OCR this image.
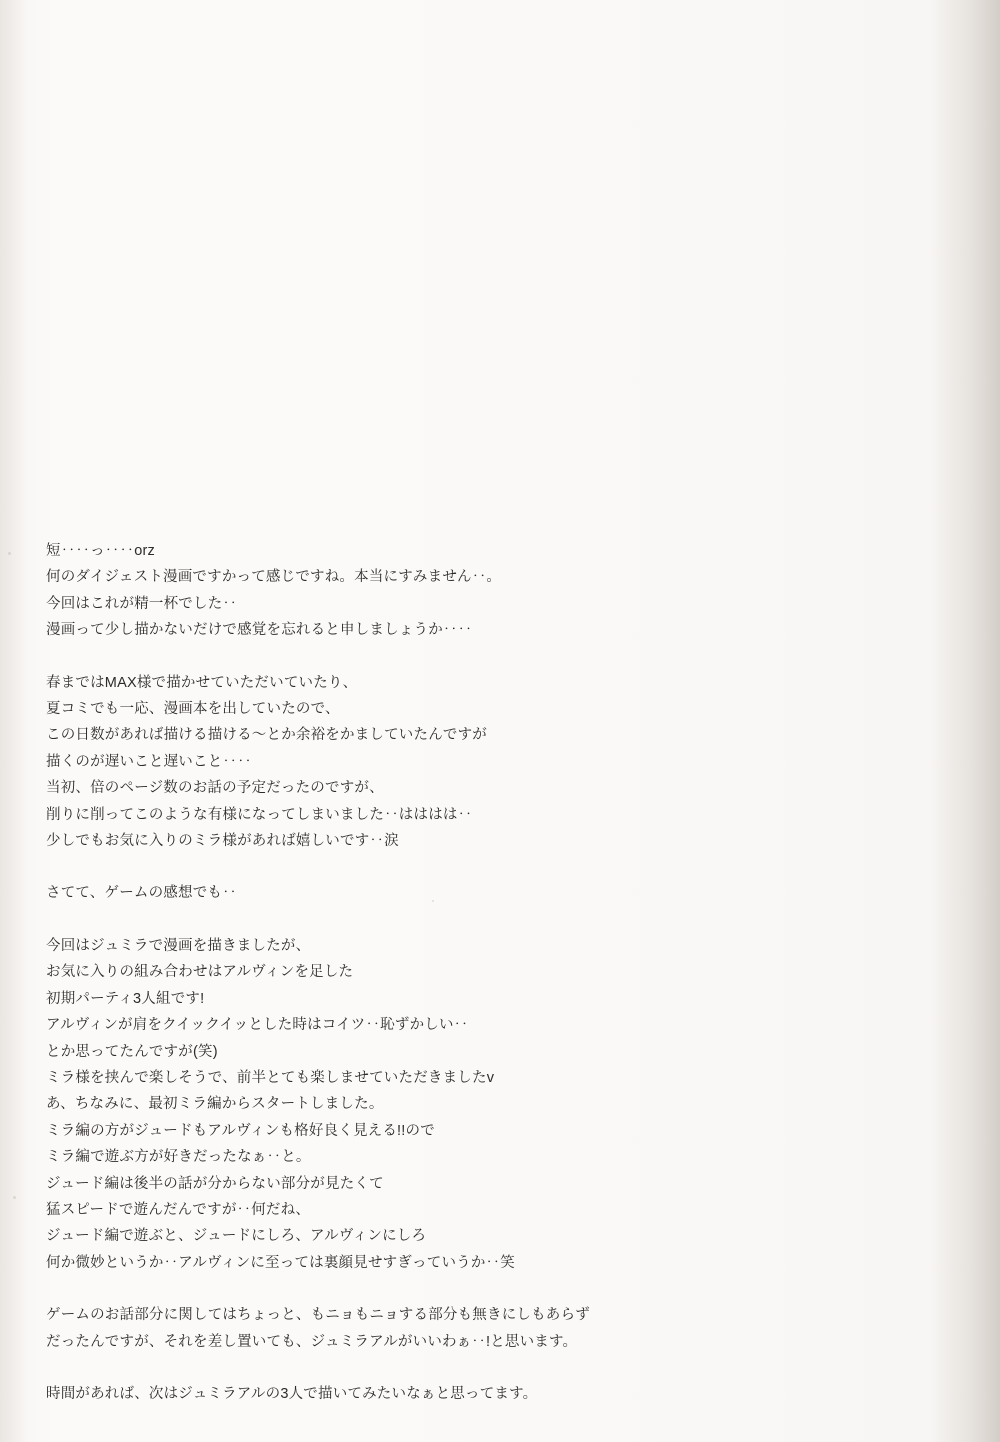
短‥‥っ‥‥orz
何のダイジェスト漫画ですかって感じですね。本当にすみません‥。
今回はこれが精一杯でした‥
漫画って少し描かないだけで感覚を忘れると申しましょうか‥‥
春まではMAX様で描かせていただいていたり、
夏コミでも一応、漫画本を出していたので、
この日数があれば描ける描ける〜とか余裕をかましていたんですが
描くのが遅いこと遅いこと‥‥
当初、倍のページ数のお話の予定だったのですが、
削りに削ってこのような有様になってしまいました‥はははは‥
少しでもお気に入りのミラ様があれば嬉しいです‥涙
さてて、ゲームの感想でも‥
今回はジュミラで漫画を描きましたが、
お気に入りの組み合わせはアルヴィンを足した
初期パーティ3人組です!
アルヴィンが肩をクイックイッとした時はコイツ‥恥ずかしい‥
とか思ってたんですが(笑)
ミラ様を挟んで楽しそうで、前半とても楽しませていただきましたv
あ、ちなみに、最初ミラ編からスタートしました。
ミラ編の方がジュードもアルヴィンも格好良く見える!!ので
ミラ編で遊ぶ方が好きだったなぁ‥と。
ジュード編は後半の話が分からない部分が見たくて
猛スピードで遊んだんですが‥何だね、
ジュード編で遊ぶと、ジュードにしろ、アルヴィンにしろ
何か微妙というか‥アルヴィンに至っては裏顔見せすぎっていうか‥笑
ゲームのお話部分に関してはちょっと、もニョもニョする部分も無きにしもあらず
だったんですが、それを差し置いても、ジュミラアルがいいわぁ‥!と思います。
時間があれば、次はジュミラアルの3人で描いてみたいなぁと思ってます。
